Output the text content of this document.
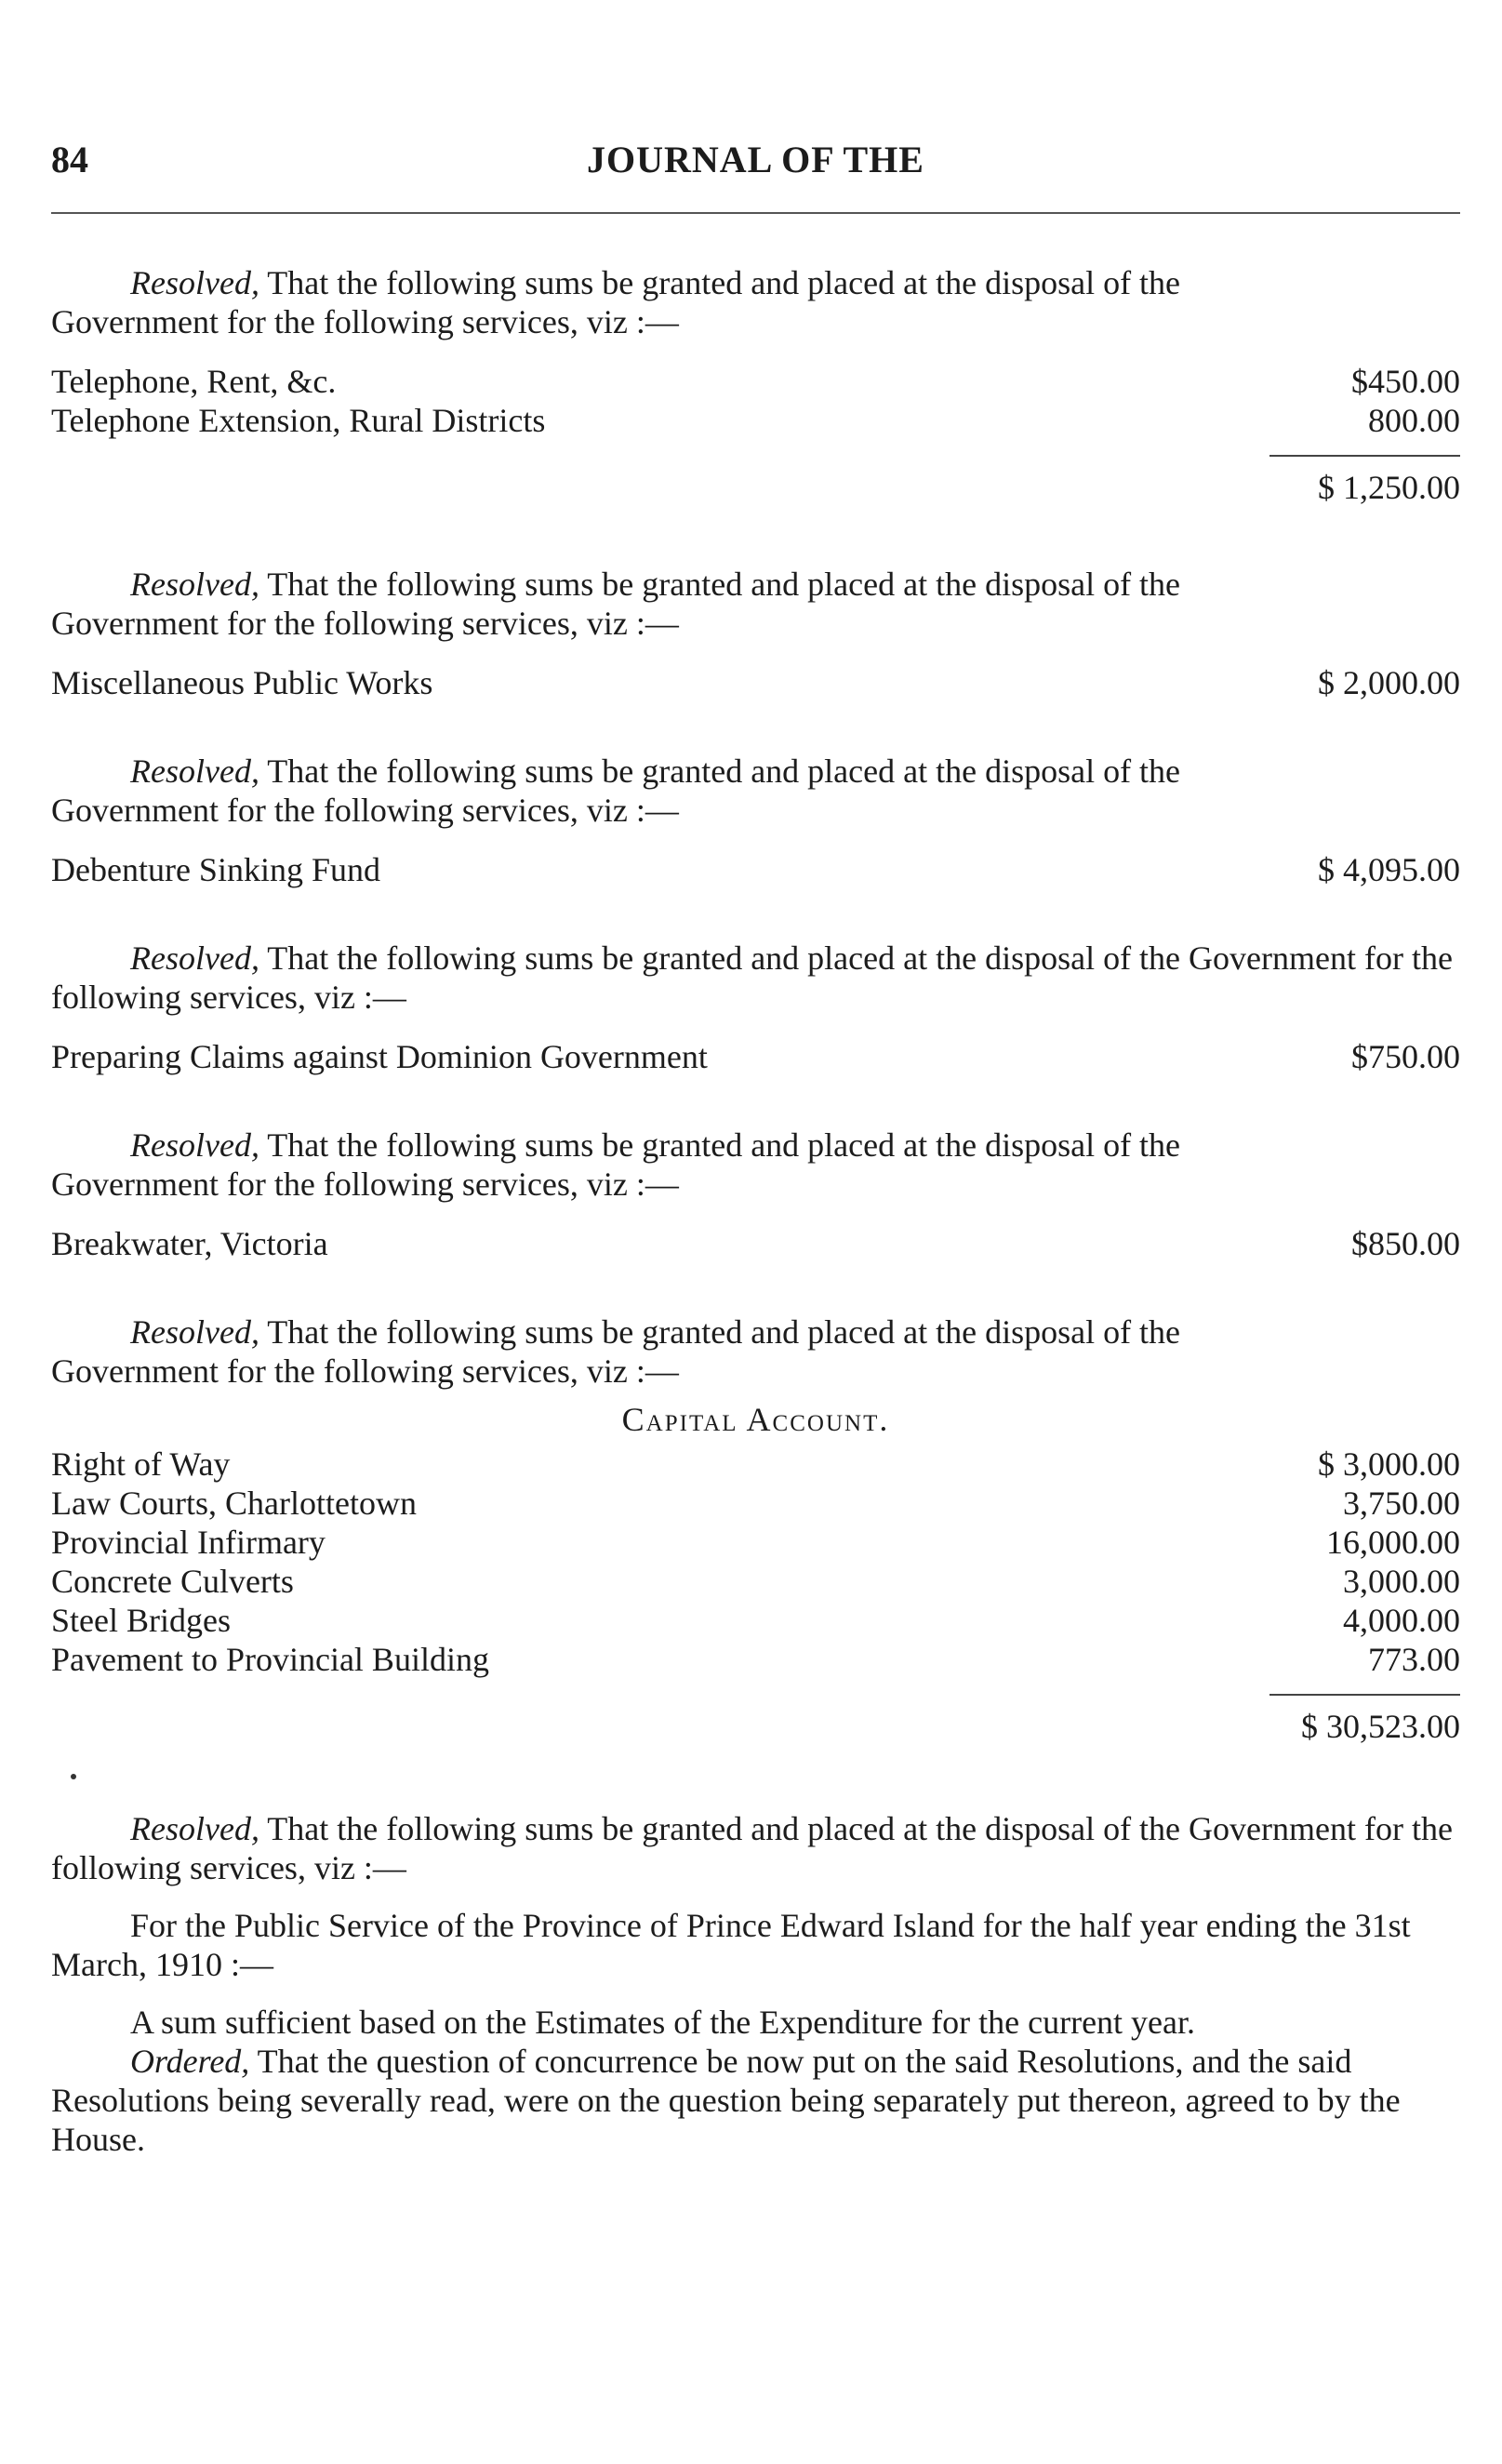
84	JOURNAL OF THE

Resolved, That the following sums be granted and placed at the disposal of the Government for the following services, viz :—

Telephone, Rent, &c.	$450.00
Telephone Extension, Rural Districts	800.00
$ 1,250.00

Resolved, That the following sums be granted and placed at the disposal of the Government for the following services, viz :—

Miscellaneous Public Works	$ 2,000.00

Resolved, That the following sums be granted and placed at the disposal of the Government for the following services, viz :—

Debenture Sinking Fund	$ 4,095.00

Resolved, That the following sums be granted and placed at the disposal of the Government for the following services, viz :—

Preparing Claims against Dominion Government	$750.00

Resolved, That the following sums be granted and placed at the disposal of the Government for the following services, viz :—

Breakwater, Victoria	$850.00

Resolved, That the following sums be granted and placed at the disposal of the Government for the following services, viz :—

Capital Account.
Right of Way	$ 3,000.00
Law Courts, Charlottetown	3,750.00
Provincial Infirmary	16,000.00
Concrete Culverts	3,000.00
Steel Bridges	4,000.00
Pavement to Provincial Building	773.00
$ 30,523.00

Resolved, That the following sums be granted and placed at the disposal of the Government for the following services, viz :—

For the Public Service of the Province of Prince Edward Island for the half year ending the 31st March, 1910 :—

A sum sufficient based on the Estimates of the Expenditure for the current year.

Ordered, That the question of concurrence be now put on the said Resolutions, and the said Resolutions being severally read, were on the question being separately put thereon, agreed to by the House.
